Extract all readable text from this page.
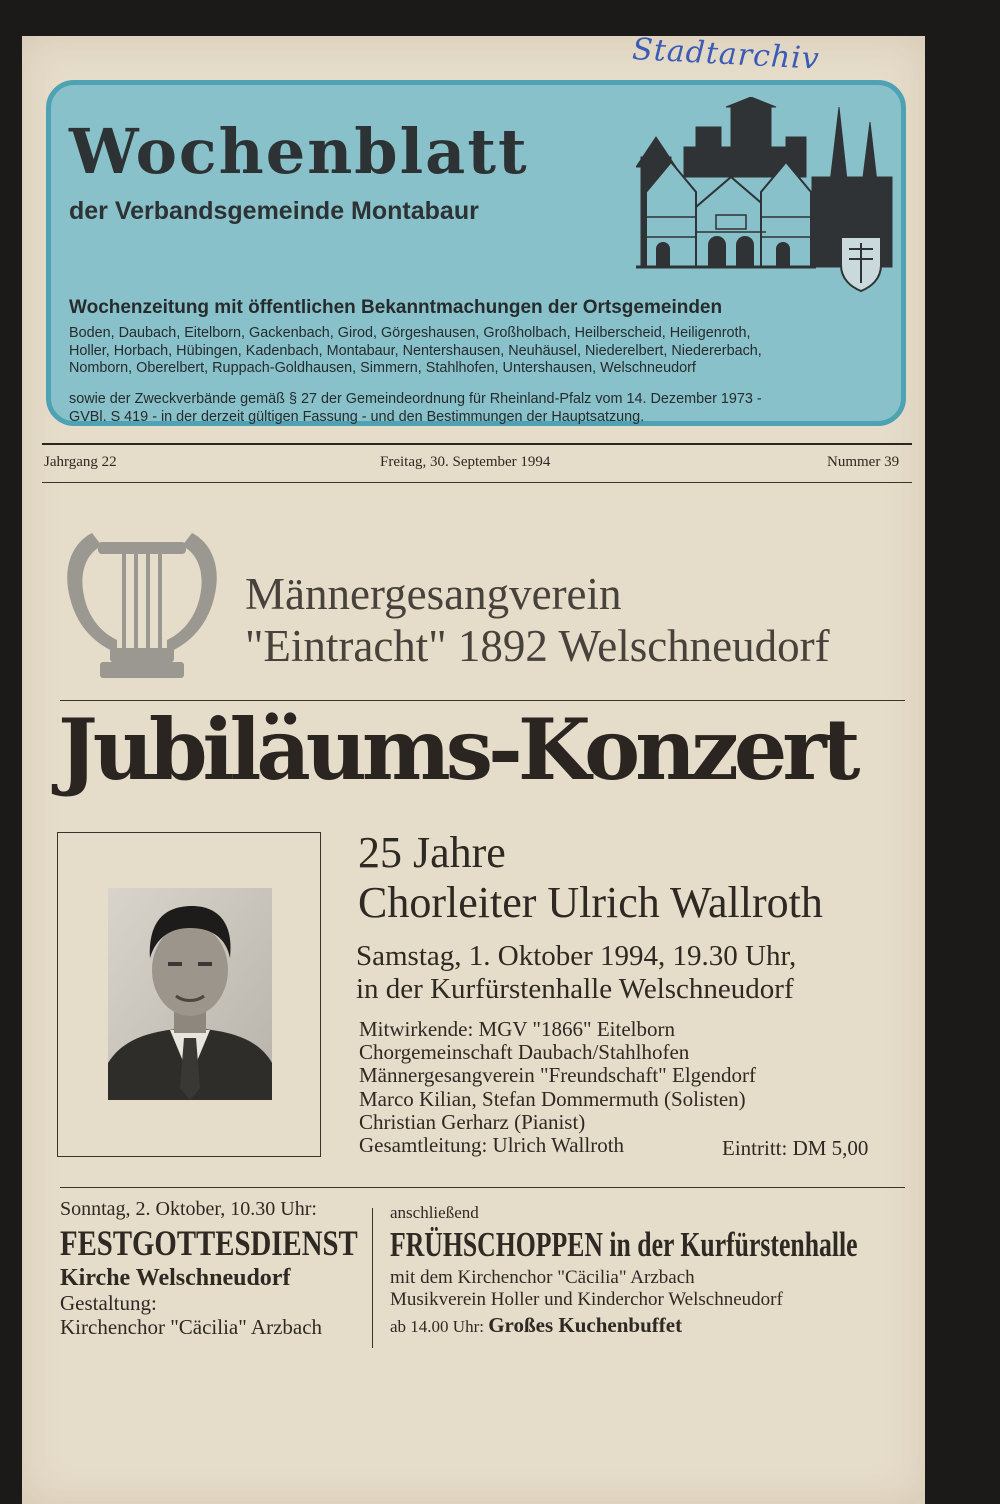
Stadtarchiv
Wochenblatt
der Verbandsgemeinde Montabaur
Wochenzeitung mit öffentlichen Bekanntmachungen der Ortsgemeinden
Boden, Daubach, Eitelborn, Gackenbach, Girod, Görgeshausen, Großholbach, Heilberscheid, Heiligenroth,
Holler, Horbach, Hübingen, Kadenbach, Montabaur, Nentershausen, Neuhäusel, Niederelbert, Niedererbach,
Nomborn, Oberelbert, Ruppach-Goldhausen, Simmern, Stahlhofen, Untershausen, Welschneudorf
sowie der Zweckverbände gemäß § 27 der Gemeindeordnung für Rheinland-Pfalz vom 14. Dezember 1973 -
GVBl. S 419 - in der derzeit gültigen Fassung - und den Bestimmungen der Hauptsatzung.
Jahrgang 22	Freitag, 30. September 1994	Nummer 39
Männergesangverein
"Eintracht" 1892 Welschneudorf
Jubiläums-Konzert
25 Jahre
Chorleiter Ulrich Wallroth
Samstag, 1. Oktober 1994, 19.30 Uhr,
in der Kurfürstenhalle Welschneudorf
Mitwirkende: MGV "1866" Eitelborn
Chorgemeinschaft Daubach/Stahlhofen
Männergesangverein "Freundschaft" Elgendorf
Marco Kilian, Stefan Dommermuth (Solisten)
Christian Gerharz (Pianist)
Gesamtleitung: Ulrich Wallroth	Eintritt: DM 5,00
Sonntag, 2. Oktober, 10.30 Uhr:
FESTGOTTESDIENST
Kirche Welschneudorf
Gestaltung:
Kirchenchor "Cäcilia" Arzbach
anschließend
FRÜHSCHOPPEN in der Kurfürstenhalle
mit dem Kirchenchor "Cäcilia" Arzbach
Musikverein Holler und Kinderchor Welschneudorf
ab 14.00 Uhr: Großes Kuchenbuffet
